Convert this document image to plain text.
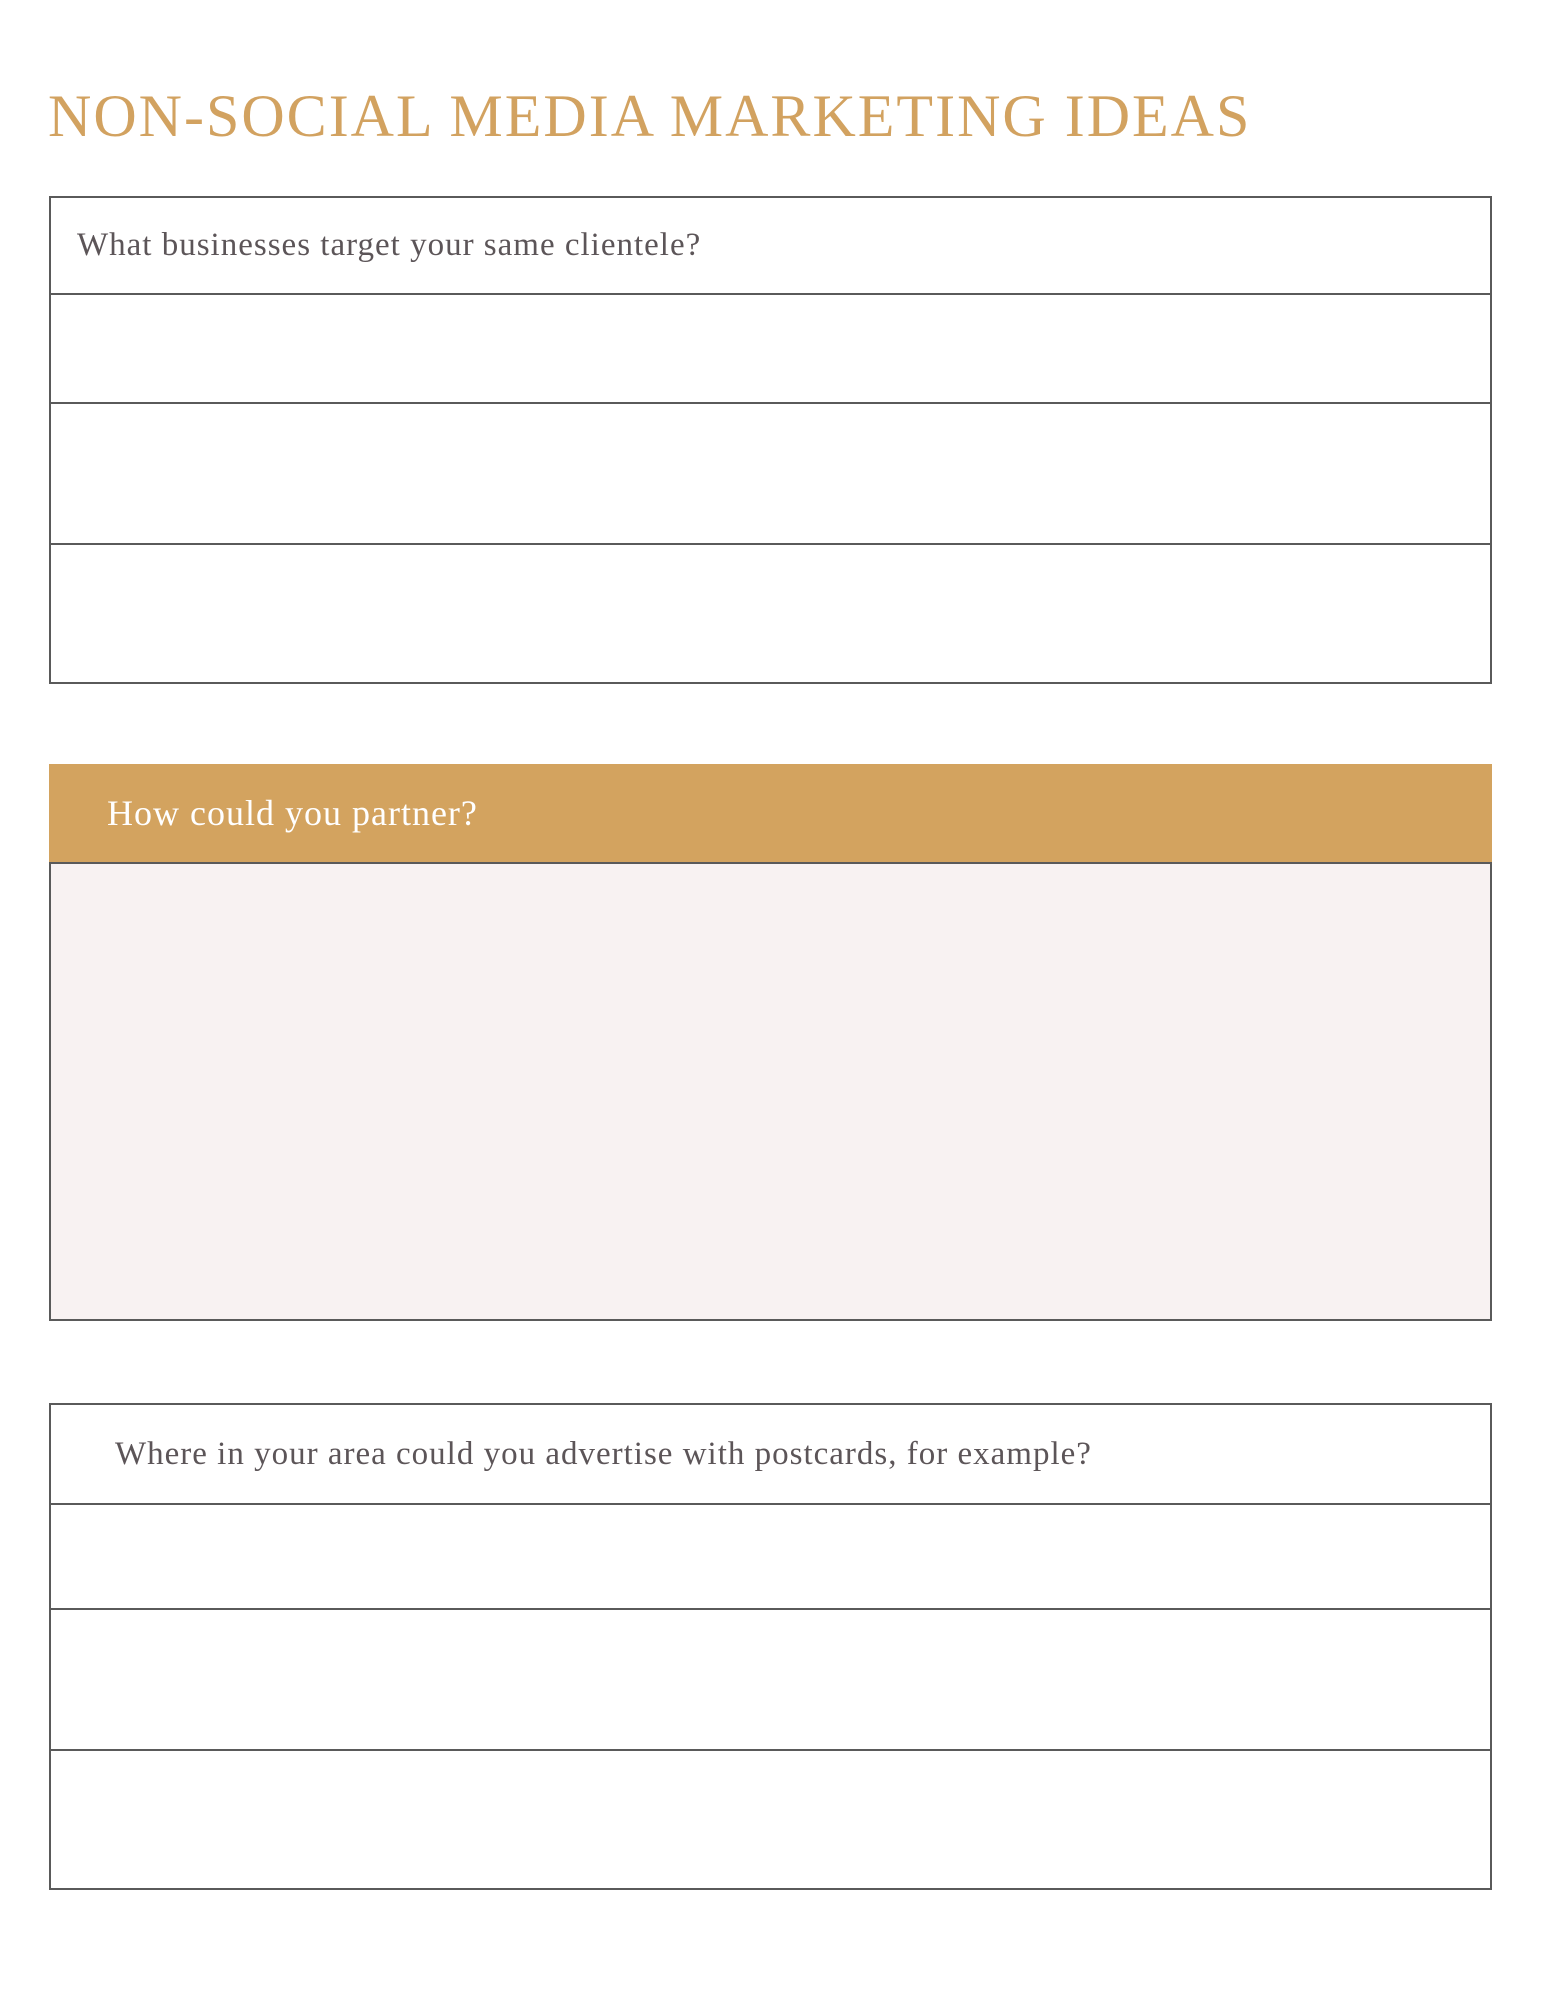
NON-SOCIAL MEDIA MARKETING IDEAS
What businesses target your same clientele?
How could you partner?
Where in your area could you advertise with postcards, for example?
